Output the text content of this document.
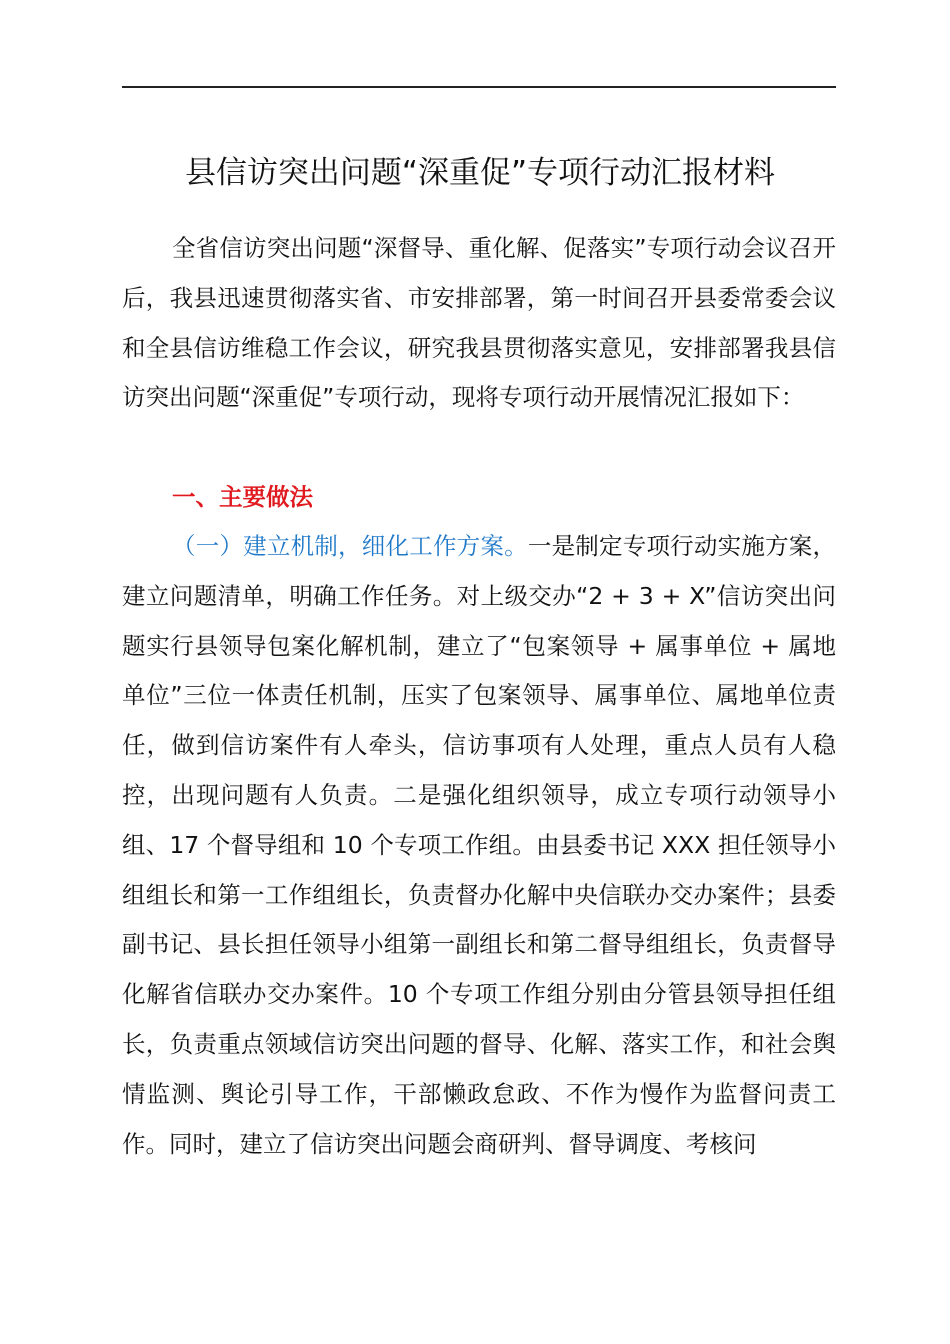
县信访突出问题“深重促”专项行动汇报材料

全省信访突出问题“深督导、重化解、促落实”专项行动会议召开后，我县迅速贯彻落实省、市安排部署，第一时间召开县委常委会议和全县信访维稳工作会议，研究我县贯彻落实意见，安排部署我县信访突出问题“深重促”专项行动，现将专项行动开展情况汇报如下：

一、主要做法

（一）建立机制，细化工作方案。一是制定专项行动实施方案，建立问题清单，明确工作任务。对上级交办“2 + 3 + X”信访突出问题实行县领导包案化解机制，建立了“包案领导 + 属事单位 + 属地单位”三位一体责任机制，压实了包案领导、属事单位、属地单位责任，做到信访案件有人牵头，信访事项有人处理，重点人员有人稳控，出现问题有人负责。二是强化组织领导，成立专项行动领导小组、17 个督导组和 10 个专项工作组。由县委书记 XXX 担任领导小组组长和第一工作组组长，负责督办化解中央信联办交办案件；县委副书记、县长担任领导小组第一副组长和第二督导组组长，负责督导化解省信联办交办案件。10 个专项工作组分别由分管县领导担任组长，负责重点领域信访突出问题的督导、化解、落实工作，和社会舆情监测、舆论引导工作，干部懒政怠政、不作为慢作为监督问责工作。同时，建立了信访突出问题会商研判、督导调度、考核问
